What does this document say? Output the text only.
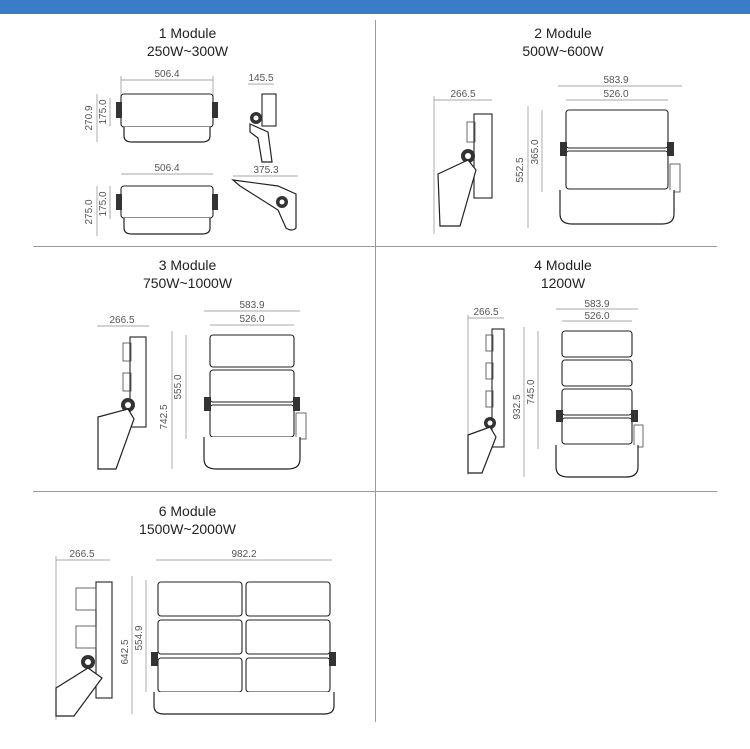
1 Module
250W~300W
506.4
270.9 175.0
145.5
506.4
275.0 175.0
375.3
2 Module
500W~600W
266.5
583.9
526.0
552.5
365.0
3 Module
750W~1000W
266.5
583.9
526.0
742.5
555.0
4 Module
1200W
266.5
583.9
526.0
932.5
745.0
6 Module
1500W~2000W
266.5	982.2
642.5
554.9
